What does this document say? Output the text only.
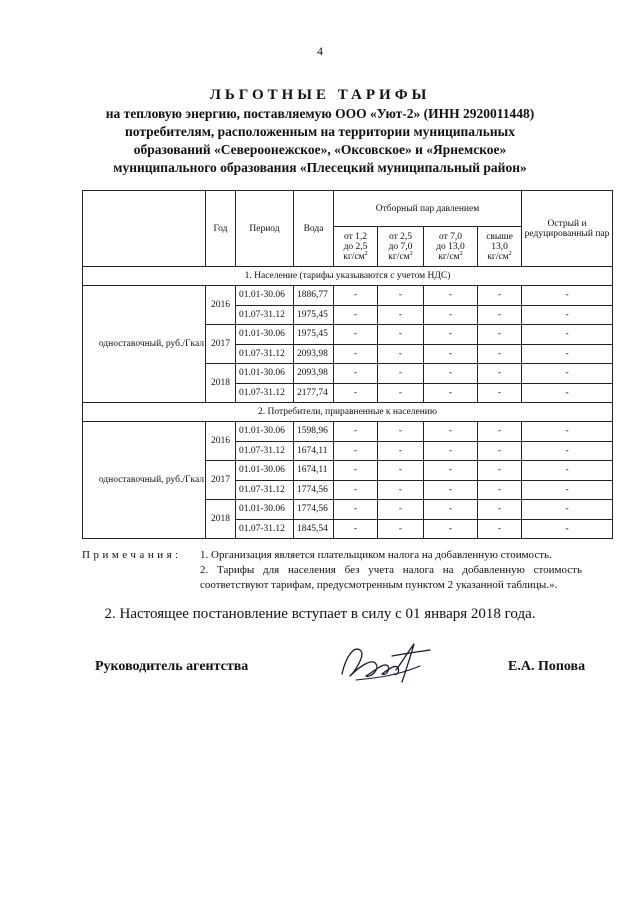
4
ЛЬГОТНЫЕ ТАРИФЫ
на тепловую энергию, поставляемую ООО «Уют-2» (ИНН 2920011448)
потребителям, расположенным на территории муниципальных
образований «Североонежское», «Оксовское» и «Ярнемское»
муниципального образования «Плесецкий муниципальный район»
	Год	Период	Вода	Отборный пар давлением				Острый и редуцированный пар
				от 1,2
до 2,5
$кг/см^2$	от 2,5
до 7,0
$кг/см^2$	от 7,0
до 13,0
$кг/см^2$	свыше
13,0
$кг/см^2$
1. Население (тарифы указываются с учетом НДС)								
одноставочный, руб./Гкал	2016	01.01-30.06	1886,77	-	-	-	-	-
		01.07-31.12	1975,45	-	-	-	-	-
	2017	01.01-30.06	1975,45	-	-	-	-	-
		01.07-31.12	2093,98	-	-	-	-	-
	2018	01.01-30.06	2093,98	-	-	-	-	-
		01.07-31.12	2177,74	-	-	-	-	-
2. Потребители, приравненные к населению								
одноставочный, руб./Гкал	2016	01.01-30.06	1598,96	-	-	-	-	-
		01.07-31.12	1674,11	-	-	-	-	-
	2017	01.01-30.06	1674,11	-	-	-	-	-
		01.07-31.12	1774,56	-	-	-	-	-
	2018	01.01-30.06	1774,56	-	-	-	-	-
		01.07-31.12	1845,54	-	-	-	-	-
Примечания: 1. Организация является плательщиком налога на добавленную стоимость.
2. Тарифы для населения без учета налога на добавленную стоимость соответствуют тарифам, предусмотренным пунктом 2 указанной таблицы.».
2. Настоящее постановление вступает в силу с 01 января 2018 года.
Руководитель агентства	Е.А. Попова
